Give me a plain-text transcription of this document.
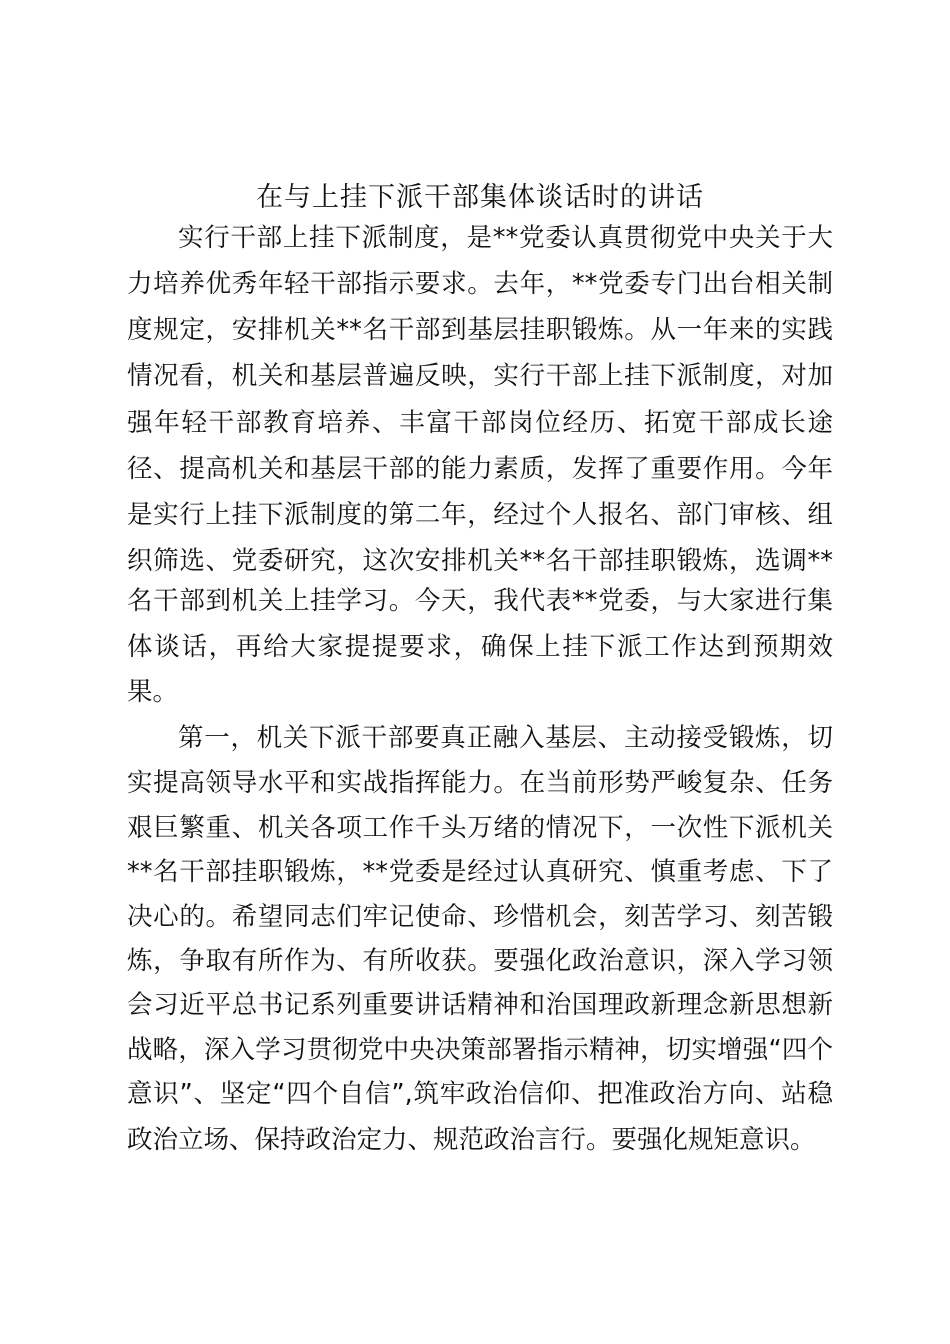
在与上挂下派干部集体谈话时的讲话
实行干部上挂下派制度，是**党委认真贯彻党中央关于大
力培养优秀年轻干部指示要求。去年，**党委专门出台相关制
度规定，安排机关**名干部到基层挂职锻炼。从一年来的实践
情况看，机关和基层普遍反映，实行干部上挂下派制度，对加
强年轻干部教育培养、丰富干部岗位经历、拓宽干部成长途
径、提高机关和基层干部的能力素质，发挥了重要作用。今年
是实行上挂下派制度的第二年，经过个人报名、部门审核、组
织筛选、党委研究，这次安排机关**名干部挂职锻炼，选调**
名干部到机关上挂学习。今天，我代表**党委，与大家进行集
体谈话，再给大家提提要求，确保上挂下派工作达到预期效
果。
第一，机关下派干部要真正融入基层、主动接受锻炼，切
实提高领导水平和实战指挥能力。在当前形势严峻复杂、任务
艰巨繁重、机关各项工作千头万绪的情况下，一次性下派机关
**名干部挂职锻炼，**党委是经过认真研究、慎重考虑、下了
决心的。希望同志们牢记使命、珍惜机会，刻苦学习、刻苦锻
炼，争取有所作为、有所收获。要强化政治意识，深入学习领
会习近平总书记系列重要讲话精神和治国理政新理念新思想新
战略，深入学习贯彻党中央决策部署指示精神，切实增强“四个
意识”、坚定“四个自信”,筑牢政治信仰、把准政治方向、站稳
政治立场、保持政治定力、规范政治言行。要强化规矩意识。
